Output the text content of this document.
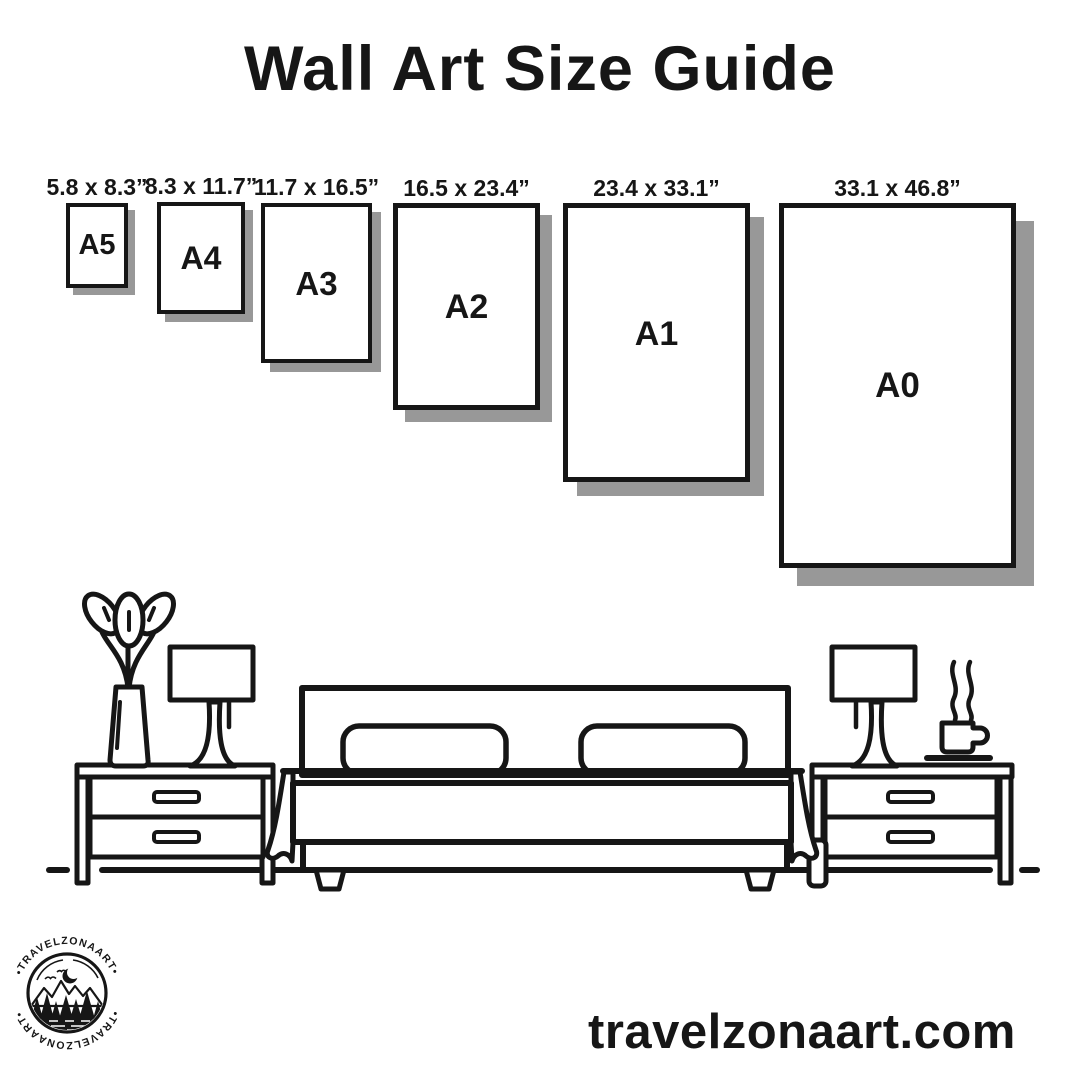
Wall Art Size Guide
5.8 x 8.3”
A5
8.3 x 11.7”
A4
11.7 x 16.5”
A3
16.5 x 23.4”
A2
23.4 x 33.1”
A1
33.1 x 46.8”
A0
•TRAVELZONAART•
•TRAVELZONAART•	travelzonaart.com
